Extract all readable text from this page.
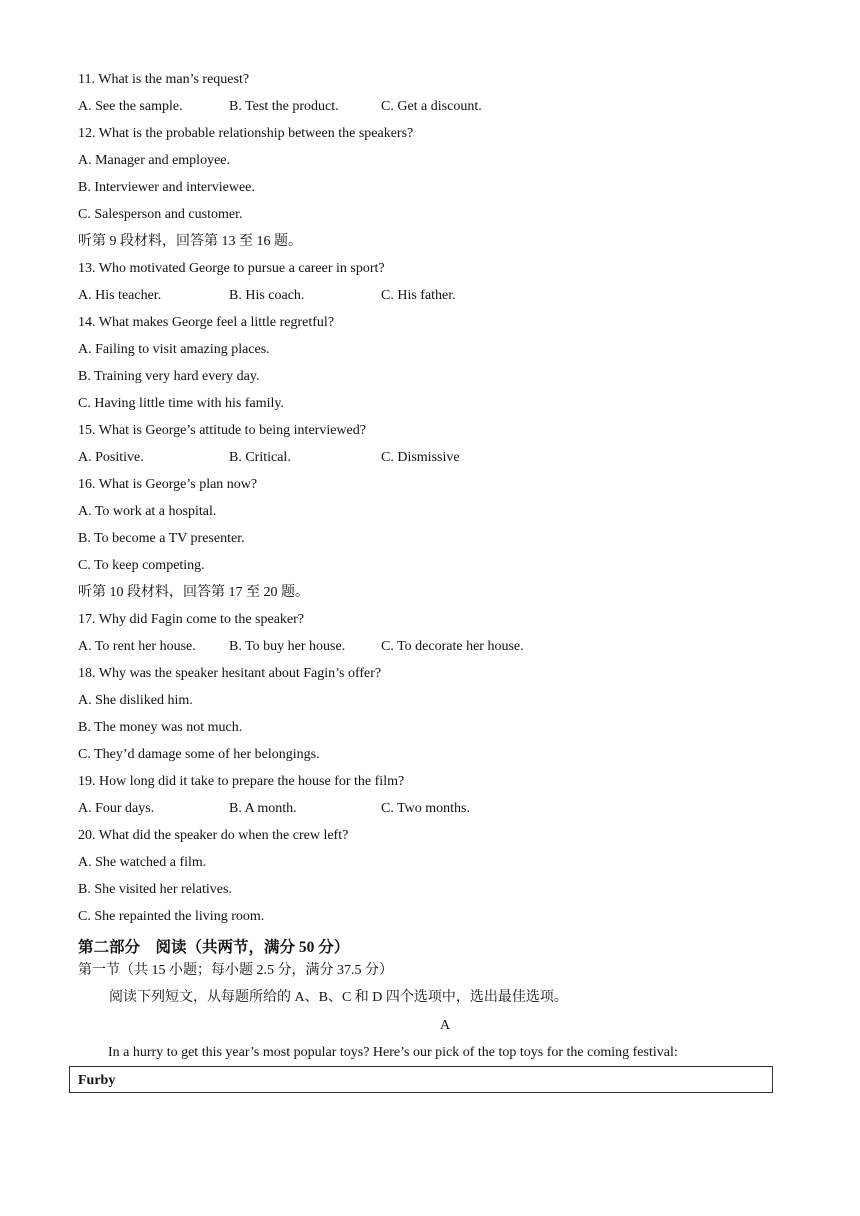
11. What is the man’s request?
A. See the sample.	B. Test the product.	C. Get a discount.
12. What is the probable relationship between the speakers?
A. Manager and employee.
B. Interviewer and interviewee.
C. Salesperson and customer.
听第 9 段材料，回答第 13 至 16 题。
13. Who motivated George to pursue a career in sport?
A. His teacher.	B. His coach.	C. His father.
14. What makes George feel a little regretful?
A. Failing to visit amazing places.
B. Training very hard every day.
C. Having little time with his family.
15. What is George’s attitude to being interviewed?
A. Positive.	B. Critical.	C. Dismissive
16. What is George’s plan now?
A. To work at a hospital.
B. To become a TV presenter.
C. To keep competing.
听第 10 段材料，回答第 17 至 20 题。
17. Why did Fagin come to the speaker?
A. To rent her house. B. To buy her house.	C. To decorate her house.
18. Why was the speaker hesitant about Fagin’s offer?
A. She disliked him.
B. The money was not much.
C. They’d damage some of her belongings.
19. How long did it take to prepare the house for the film?
A. Four days.	B. A month.	C. Two months.
20. What did the speaker do when the crew left?
A. She watched a film.
B. She visited her relatives.
C. She repainted the living room.
第二部分　阅读（共两节，满分 50 分）
第一节（共 15 小题；每小题 2.5 分，满分 37.5 分）
阅读下列短文，从每题所给的 A、B、C 和 D 四个选项中，选出最佳选项。
A
In a hurry to get this year’s most popular toys? Here’s our pick of the top toys for the coming festival:
Furby
